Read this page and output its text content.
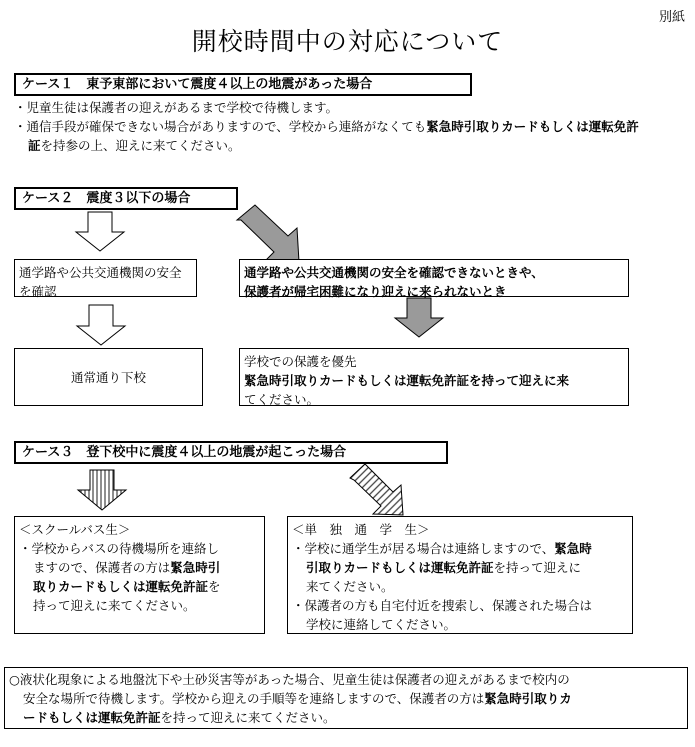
別紙
開校時間中の対応について
ケース１　東予東部において震度４以上の地震があった場合
・児童生徒は保護者の迎えがあるまで学校で待機します。
・通信手段が確保できない場合がありますので、学校から連絡がなくても緊急時引取りカードもしくは運転免許
証を持参の上、迎えに来てください。
ケース２　震度３以下の場合
通学路や公共交通機関の安全を確認
通学路や公共交通機関の安全を確認できないときや、
保護者が帰宅困難になり迎えに来られないとき
通常通り下校
学校での保護を優先
緊急時引取りカードもしくは運転免許証を持って迎えに来
てください。
ケース３　登下校中に震度４以上の地震が起こった場合
＜スクールバス生＞
・学校からバスの待機場所を連絡し
ますので、保護者の方は緊急時引
取りカードもしくは運転免許証を
持って迎えに来てください。
＜単　独　通　学　生＞
・学校に通学生が居る場合は連絡しますので、緊急時
引取りカードもしくは運転免許証を持って迎えに
来てください。
・保護者の方も自宅付近を捜索し、保護された場合は
学校に連絡してください。
○液状化現象による地盤沈下や土砂災害等があった場合、児童生徒は保護者の迎えがあるまで校内の
安全な場所で待機します。学校から迎えの手順等を連絡しますので、保護者の方は緊急時引取りカ
ードもしくは運転免許証を持って迎えに来てください。
